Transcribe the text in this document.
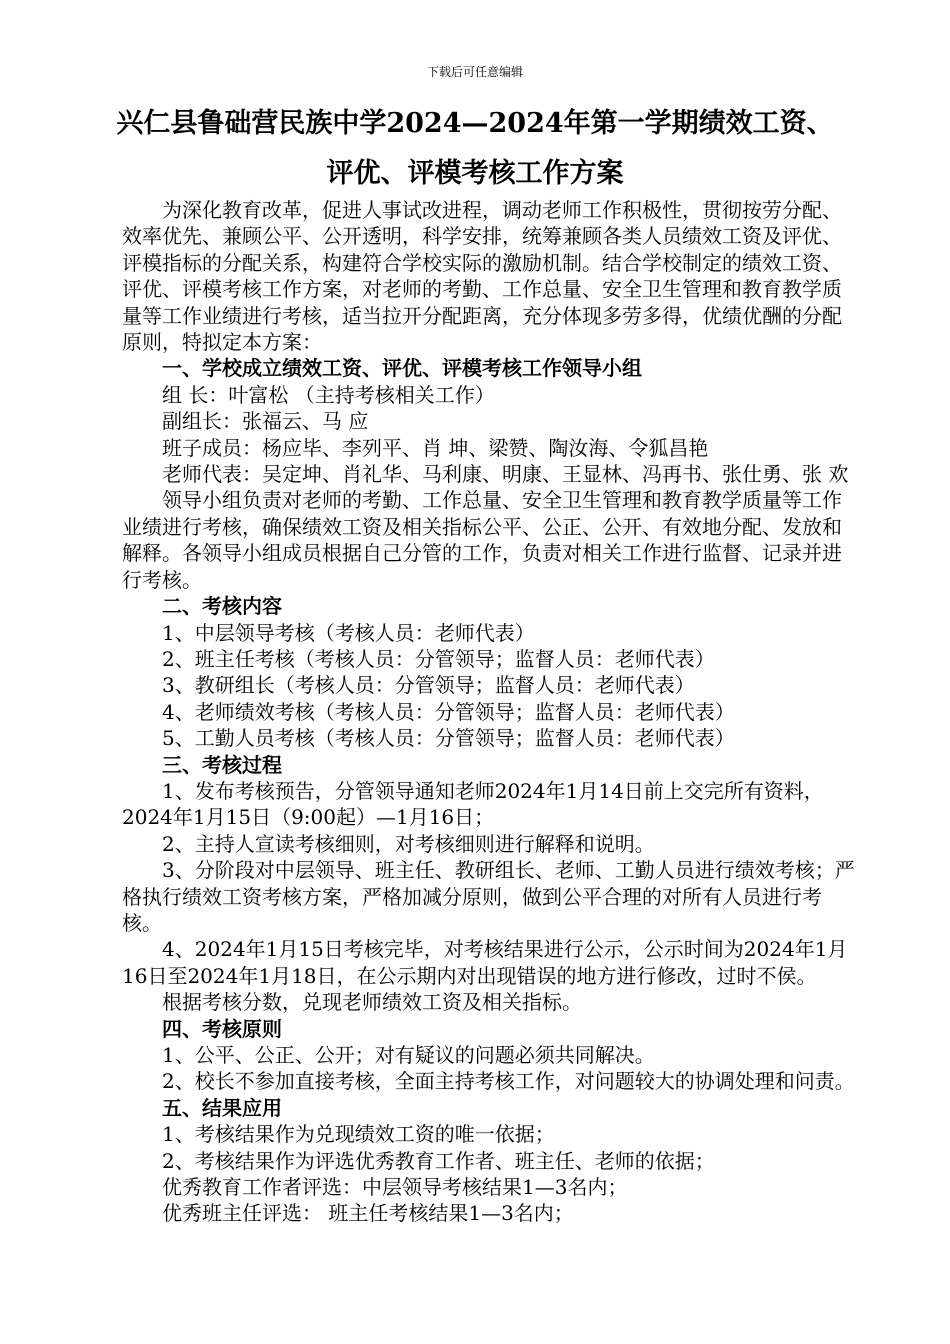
下载后可任意编辑
兴仁县鲁础营民族中学2024—2024年第一学期绩效工资、
评优、评模考核工作方案

为深化教育改革，促进人事试改进程，调动老师工作积极性，贯彻按劳分配、效率优先、兼顾公平、公开透明，科学安排，统筹兼顾各类人员绩效工资及评优、评模指标的分配关系，构建符合学校实际的激励机制。结合学校制定的绩效工资、评优、评模考核工作方案，对老师的考勤、工作总量、安全卫生管理和教育教学质量等工作业绩进行考核，适当拉开分配距离，充分体现多劳多得，优绩优酬的分配原则，特拟定本方案：

一、学校成立绩效工资、评优、评模考核工作领导小组

组 长：叶富松 （主持考核相关工作）

副组长：张福云、马 应

班子成员：杨应毕、李列平、肖 坤、梁赞、陶汝海、令狐昌艳

老师代表：吴定坤、肖礼华、马利康、明康、王显林、冯再书、张仕勇、张 欢

领导小组负责对老师的考勤、工作总量、安全卫生管理和教育教学质量等工作业绩进行考核，确保绩效工资及相关指标公平、公正、公开、有效地分配、发放和解释。各领导小组成员根据自己分管的工作，负责对相关工作进行监督、记录并进行考核。

二、考核内容

1、中层领导考核（考核人员：老师代表）

2、班主任考核（考核人员：分管领导；监督人员：老师代表）

3、教研组长（考核人员：分管领导；监督人员：老师代表）

4、老师绩效考核（考核人员：分管领导；监督人员：老师代表）

5、工勤人员考核（考核人员：分管领导；监督人员：老师代表）

三、考核过程

1、发布考核预告，分管领导通知老师2024年1月14日前上交完所有资料，2024年1月15日（9:00起）—1月16日；

2、主持人宣读考核细则，对考核细则进行解释和说明。

3、分阶段对中层领导、班主任、教研组长、老师、工勤人员进行绩效考核；严格执行绩效工资考核方案，严格加减分原则，做到公平合理的对所有人员进行考核。

4、2024年1月15日考核完毕，对考核结果进行公示，公示时间为2024年1月16日至2024年1月18日，在公示期内对出现错误的地方进行修改，过时不侯。

根据考核分数，兑现老师绩效工资及相关指标。

四、考核原则

1、公平、公正、公开；对有疑议的问题必须共同解决。

2、校长不参加直接考核，全面主持考核工作，对问题较大的协调处理和问责。

五、结果应用

1、考核结果作为兑现绩效工资的唯一依据；

2、考核结果作为评选优秀教育工作者、班主任、老师的依据；

优秀教育工作者评选：中层领导考核结果1—3名内；

优秀班主任评选： 班主任考核结果1—3名内；
